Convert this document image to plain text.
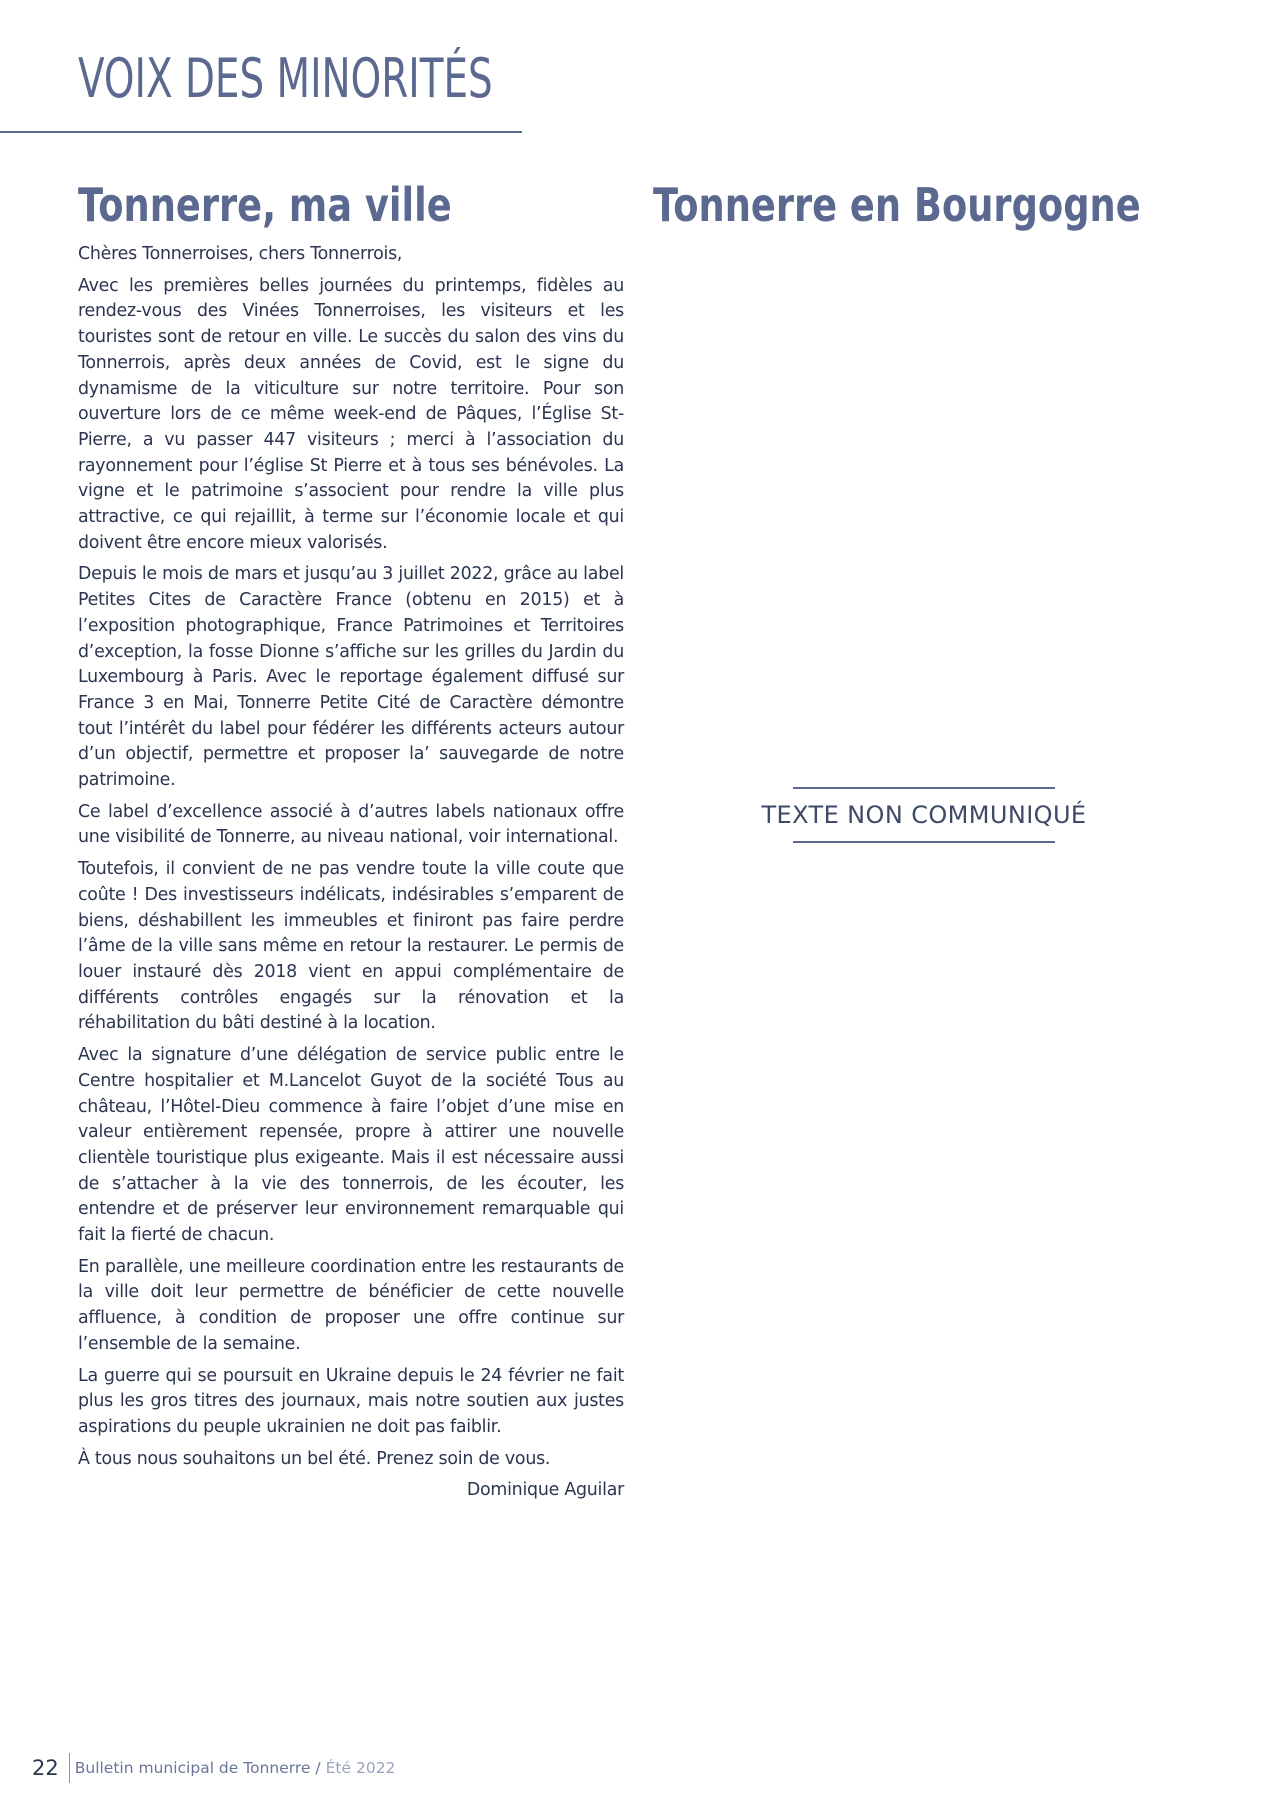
VOIX DES MINORITÉS
Tonnerre, ma ville	Tonnerre en Bourgogne

Chères Tonnerroises, chers Tonnerrois,

Avec les premières belles journées du printemps, fidèles au rendez-vous des Vinées Tonnerroises, les visiteurs et les touristes sont de retour en ville. Le succès du salon des vins du Tonnerrois, après deux années de Covid, est le signe du dynamisme de la viticulture sur notre territoire. Pour son ouverture lors de ce même week-end de Pâques, l’Église St-Pierre, a vu passer 447 visiteurs ; merci à l’association du rayonnement pour l’église St Pierre et à tous ses bénévoles. La vigne et le patrimoine s’associent pour rendre la ville plus attractive, ce qui rejaillit, à terme sur l’économie locale et qui doivent être encore mieux valorisés.

Depuis le mois de mars et jusqu’au 3 juillet 2022, grâce au label Petites Cites de Caractère France (obtenu en 2015) et à l’exposition photographique, France Patrimoines et Territoires d’exception, la fosse Dionne s’affiche sur les grilles du Jardin du Luxembourg à Paris. Avec le reportage également diffusé sur France 3 en Mai, Tonnerre Petite Cité de Caractère démontre tout l’intérêt du label pour fédérer les différents acteurs autour d’un objectif, permettre et proposer la’ sauvegarde de notre patrimoine.

Ce label d’excellence associé à d’autres labels nationaux offre une visibilité de Tonnerre, au niveau national, voir international.

Toutefois, il convient de ne pas vendre toute la ville coute que coûte ! Des investisseurs indélicats, indésirables s’emparent de biens, déshabillent les immeubles et finiront pas faire perdre l’âme de la ville sans même en retour la restaurer. Le permis de louer instauré dès 2018 vient en appui complémentaire de différents contrôles engagés sur la rénovation et la réhabilitation du bâti destiné à la location.

Avec la signature d’une délégation de service public entre le Centre hospitalier et M.Lancelot Guyot de la société Tous au château, l’Hôtel-Dieu commence à faire l’objet d’une mise en valeur entièrement repensée, propre à attirer une nouvelle clientèle touristique plus exigeante. Mais il est nécessaire aussi de s’attacher à la vie des tonnerrois, de les écouter, les entendre et de préserver leur environnement remarquable qui fait la fierté de chacun.

En parallèle, une meilleure coordination entre les restaurants de la ville doit leur permettre de bénéficier de cette nouvelle affluence, à condition de proposer une offre continue sur l’ensemble de la semaine.

La guerre qui se poursuit en Ukraine depuis le 24 février ne fait plus les gros titres des journaux, mais notre soutien aux justes aspirations du peuple ukrainien ne doit pas faiblir.

À tous nous souhaitons un bel été. Prenez soin de vous.

Dominique Aguilar

TEXTE NON COMMUNIQUÉ
22	Bulletin municipal de Tonnerre / Été 2022
